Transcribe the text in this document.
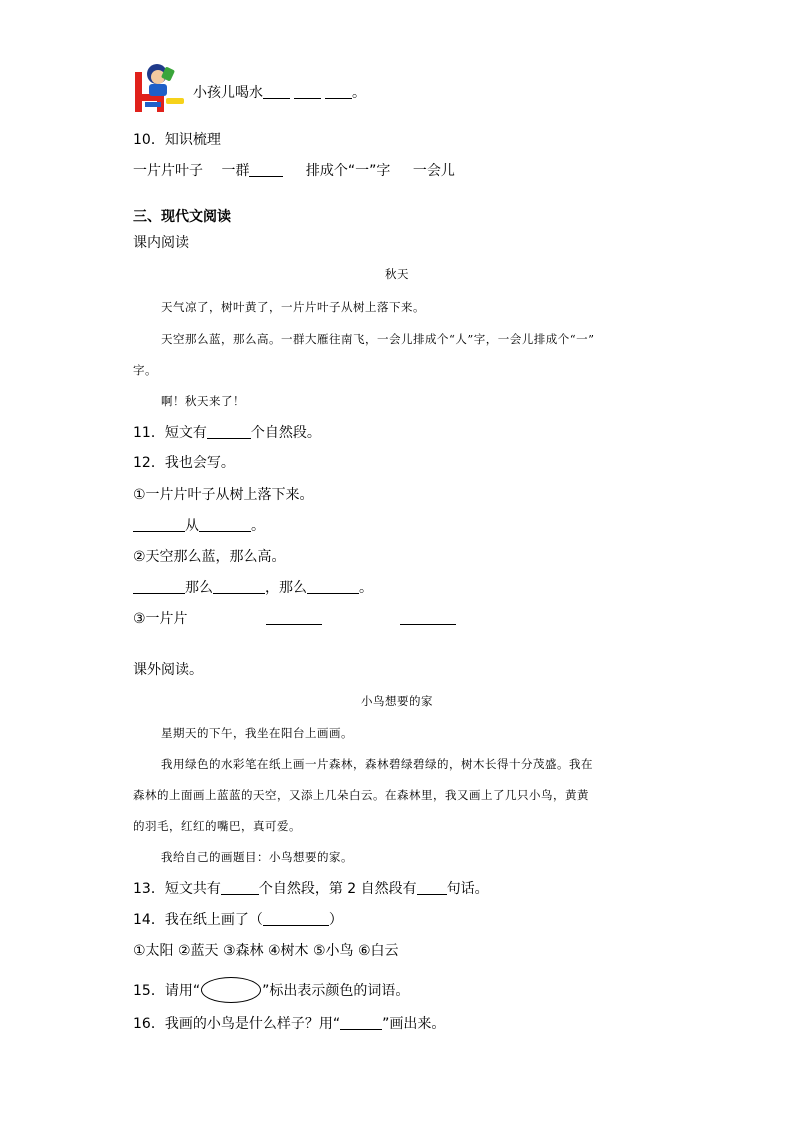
小孩儿喝水	。
10．知识梳理
一片片叶子 一群	排成个“一”字 一会儿
三、现代文阅读
课内阅读
秋天
天气凉了，树叶黄了，一片片叶子从树上落下来。
天空那么蓝，那么高。一群大雁往南飞，一会儿排成个“人”字，一会儿排成个“一”
字。
啊！秋天来了！
11．短文有	个自然段。
12．我也会写。
①一片片叶子从树上落下来。
从	。
②天空那么蓝，那么高。
那么	，那么	。
③一片片
课外阅读。
小鸟想要的家
星期天的下午，我坐在阳台上画画。
我用绿色的水彩笔在纸上画一片森林，森林碧绿碧绿的，树木长得十分茂盛。我在
森林的上面画上蓝蓝的天空，又添上几朵白云。在森林里，我又画上了几只小鸟，黄黄
的羽毛，红红的嘴巴，真可爱。
我给自己的画题目：小鸟想要的家。
13．短文共有	个自然段，第 2 自然段有 句话。
14．我在纸上画了（	）
①太阳 ②蓝天 ③森林 ④树木 ⑤小鸟 ⑥白云
15．请用“	”标出表示颜色的词语。
16．我画的小鸟是什么样子？用“	”画出来。
